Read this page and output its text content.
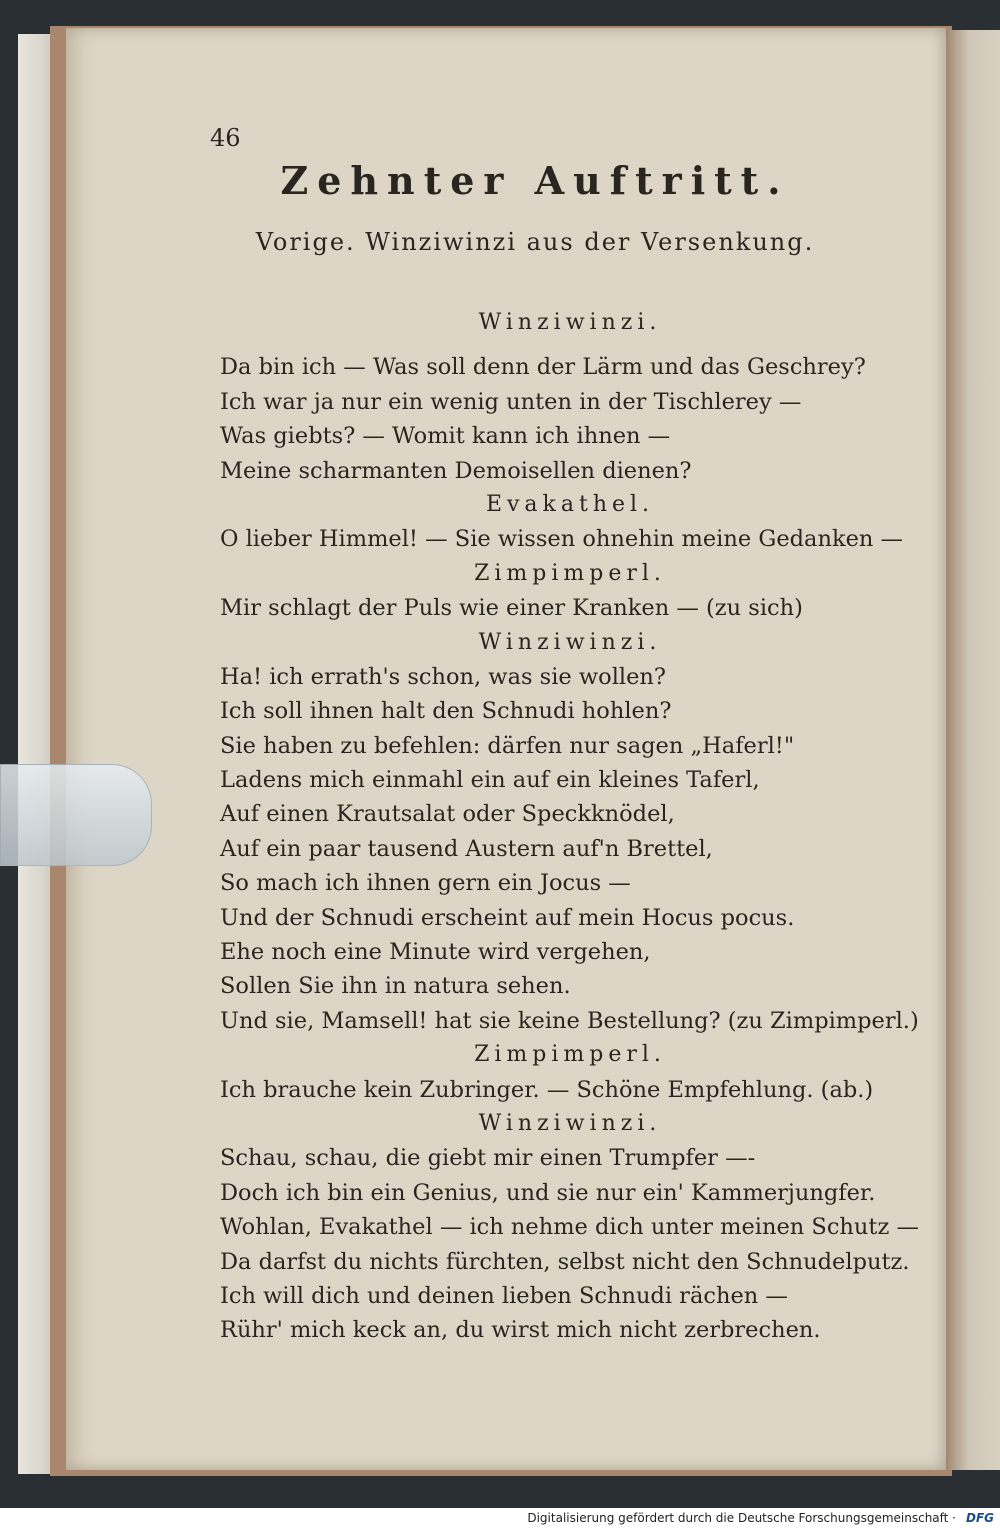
46
Zehnter Auftritt.
Vorige. Winziwinzi aus der Versenkung.
Winziwinzi.
Da bin ich — Was soll denn der Lärm und das Geschrey?
Ich war ja nur ein wenig unten in der Tischlerey —
Was giebts? — Womit kann ich ihnen —
Meine scharmanten Demoisellen dienen?
Evakathel.
O lieber Himmel! — Sie wissen ohnehin meine Gedanken —
Zimpimperl.
Mir schlagt der Puls wie einer Kranken — (zu sich)
Winziwinzi.
Ha! ich errath's schon, was sie wollen?
Ich soll ihnen halt den Schnudi hohlen?
Sie haben zu befehlen: därfen nur sagen „Haferl!"
Ladens mich einmahl ein auf ein kleines Taferl,
Auf einen Krautsalat oder Speckknödel,
Auf ein paar tausend Austern auf'n Brettel,
So mach ich ihnen gern ein Jocus —
Und der Schnudi erscheint auf mein Hocus pocus.
Ehe noch eine Minute wird vergehen,
Sollen Sie ihn in natura sehen.
Und sie, Mamsell! hat sie keine Bestellung? (zu Zimpimperl.)
Zimpimperl.
Ich brauche kein Zubringer. — Schöne Empfehlung. (ab.)
Winziwinzi.
Schau, schau, die giebt mir einen Trumpfer —-
Doch ich bin ein Genius, und sie nur ein' Kammerjungfer.
Wohlan, Evakathel — ich nehme dich unter meinen Schutz —
Da darfst du nichts fürchten, selbst nicht den Schnudelputz.
Ich will dich und deinen lieben Schnudi rächen —
Rühr' mich keck an, du wirst mich nicht zerbrechen.
Digitalisierung gefördert durch die Deutsche Forschungsgemeinschaft · DFG
